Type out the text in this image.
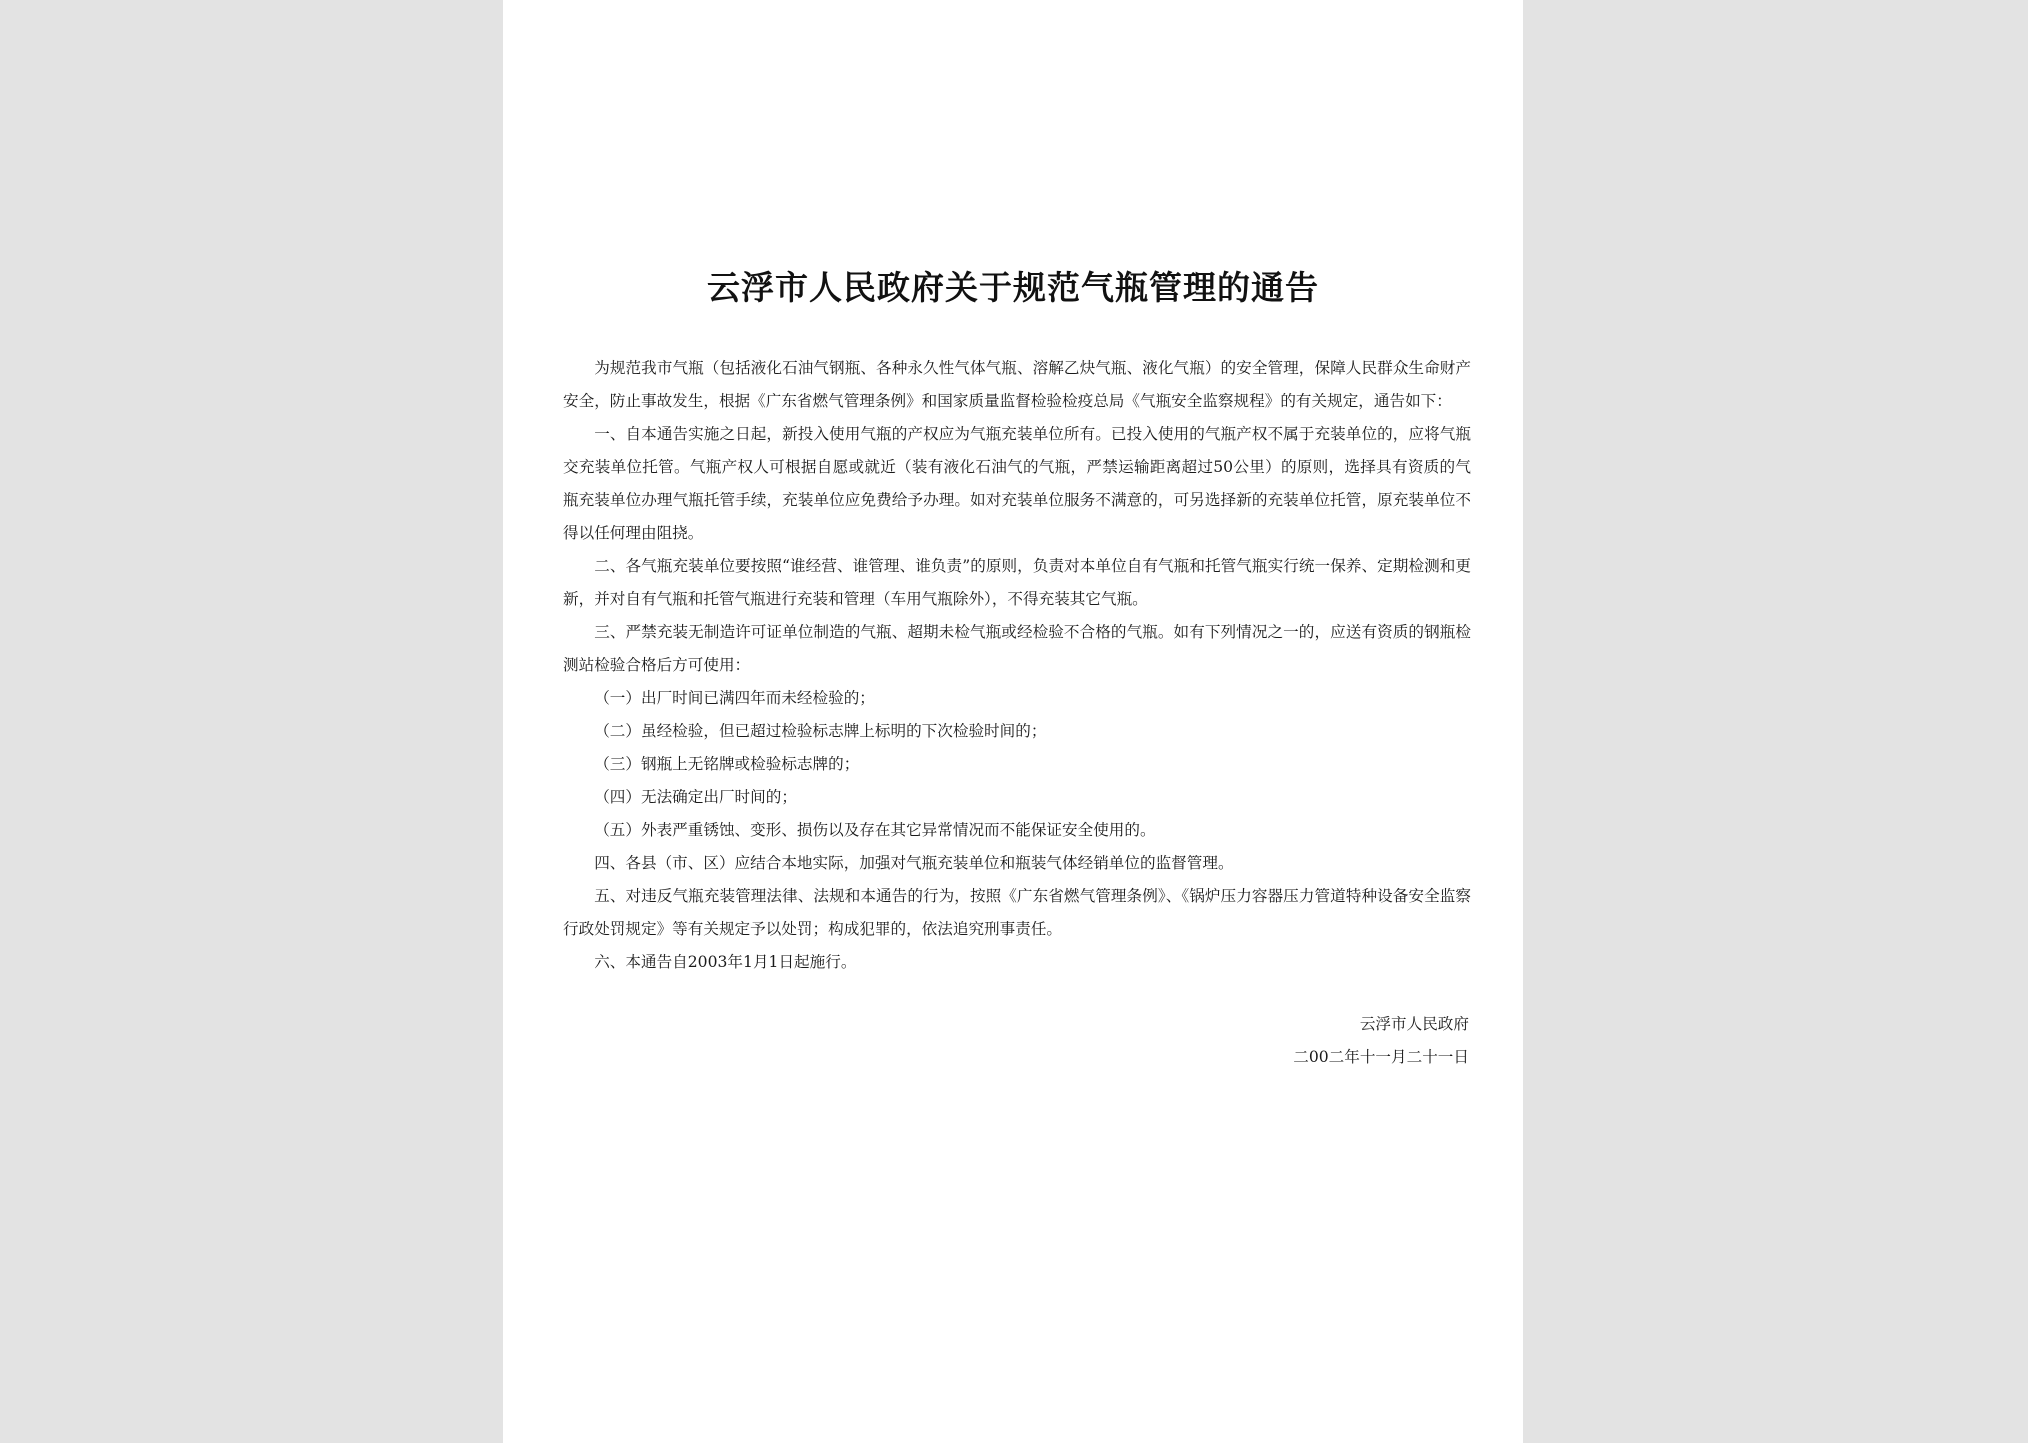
云浮市人民政府关于规范气瓶管理的通告

为规范我市气瓶（包括液化石油气钢瓶、各种永久性气体气瓶、溶解乙炔气瓶、液化气瓶）的安全管理，保障人民群众生命财产安全，防止事故发生，根据《广东省燃气管理条例》和国家质量监督检验检疫总局《气瓶安全监察规程》的有关规定，通告如下：

一、自本通告实施之日起，新投入使用气瓶的产权应为气瓶充装单位所有。已投入使用的气瓶产权不属于充装单位的，应将气瓶交充装单位托管。气瓶产权人可根据自愿或就近（装有液化石油气的气瓶，严禁运输距离超过50公里）的原则，选择具有资质的气瓶充装单位办理气瓶托管手续，充装单位应免费给予办理。如对充装单位服务不满意的，可另选择新的充装单位托管，原充装单位不得以任何理由阻挠。

二、各气瓶充装单位要按照“谁经营、谁管理、谁负责”的原则，负责对本单位自有气瓶和托管气瓶实行统一保养、定期检测和更新，并对自有气瓶和托管气瓶进行充装和管理（车用气瓶除外），不得充装其它气瓶。

三、严禁充装无制造许可证单位制造的气瓶、超期未检气瓶或经检验不合格的气瓶。如有下列情况之一的，应送有资质的钢瓶检测站检验合格后方可使用：

（一）出厂时间已满四年而未经检验的；

（二）虽经检验，但已超过检验标志牌上标明的下次检验时间的；

（三）钢瓶上无铭牌或检验标志牌的；

（四）无法确定出厂时间的；

（五）外表严重锈蚀、变形、损伤以及存在其它异常情况而不能保证安全使用的。

四、各县（市、区）应结合本地实际，加强对气瓶充装单位和瓶装气体经销单位的监督管理。

五、对违反气瓶充装管理法律、法规和本通告的行为，按照《广东省燃气管理条例》、《锅炉压力容器压力管道特种设备安全监察行政处罚规定》等有关规定予以处罚；构成犯罪的，依法追究刑事责任。

六、本通告自2003年1月1日起施行。

云浮市人民政府
二00二年十一月二十一日
